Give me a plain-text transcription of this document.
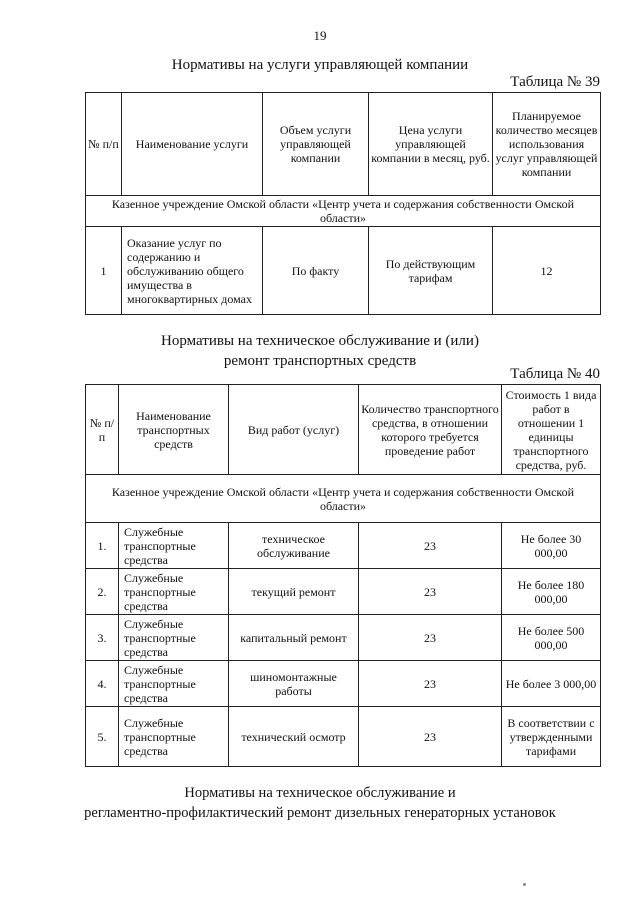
19
Нормативы на услуги управляющей компании
Таблица № 39
№ п/п	Наименование услуги	Объем услуги управляющей компании	Цена услуги управляющей компании в месяц, руб.	Планируемое количество месяцев использования услуг управляющей компании
Казенное учреждение Омской области «Центр учета и содержания собственности Омской области»				
1	Оказание услуг по содержанию и обслуживанию общего имущества в многоквартирных домах	По факту	По действующим тарифам	12
Нормативы на техническое обслуживание и (или)
ремонт транспортных средств
Таблица № 40
№ п/п	Наименование транспортных средств	Вид работ (услуг)	Количество транспортного средства, в отношении которого требуется проведение работ	Стоимость 1 вида работ в отношении 1 единицы транспортного средства, руб.
Казенное учреждение Омской области «Центр учета и содержания собственности Омской области»				
1.	Служебные транспортные средства	техническое обслуживание	23	Не более 30 000,00
2.	Служебные транспортные средства	текущий ремонт	23	Не более 180 000,00
3.	Служебные транспортные средства	капитальный ремонт	23	Не более 500 000,00
4.	Служебные транспортные средства	шиномонтажные работы	23	Не более 3 000,00
5.	Служебные транспортные средства	технический осмотр	23	В соответствии с утвержденными тарифами
Нормативы на техническое обслуживание и
регламентно-профилактический ремонт дизельных генераторных установок
